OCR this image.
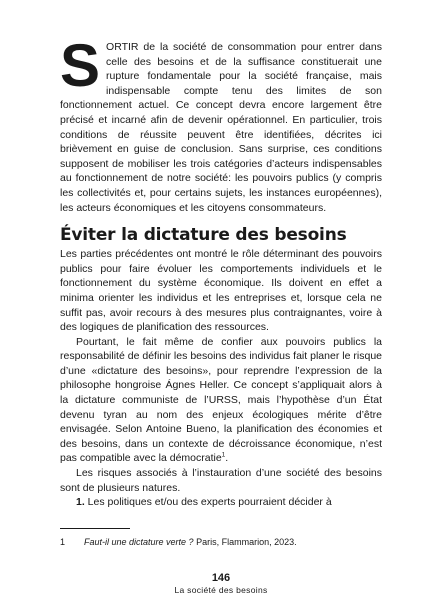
SORTIR de la société de consommation pour entrer dans celle des besoins et de la suffisance constituerait une rupture fondamentale pour la société française, mais indispensable compte tenu des limites de son fonctionnement actuel. Ce concept devra encore largement être précisé et incarné afin de devenir opérationnel. En particulier, trois conditions de réussite peuvent être identifiées, décrites ici brièvement en guise de conclusion. Sans surprise, ces conditions supposent de mobiliser les trois catégories d’acteurs indispensables au fonctionnement de notre société: les pouvoirs publics (y compris les collectivités et, pour certains sujets, les instances européennes), les acteurs économiques et les citoyens consommateurs.

Éviter la dictature des besoins

Les parties précédentes ont montré le rôle déterminant des pouvoirs publics pour faire évoluer les comportements individuels et le fonctionnement du système économique. Ils doivent en effet a minima orienter les individus et les entreprises et, lorsque cela ne suffit pas, avoir recours à des mesures plus contraignantes, voire à des logiques de planification des ressources.

Pourtant, le fait même de confier aux pouvoirs publics la responsabilité de définir les besoins des individus fait planer le risque d’une «dictature des besoins», pour reprendre l’expression de la philosophe hongroise Ágnes Heller. Ce concept s’appliquait alors à la dictature communiste de l’URSS, mais l’hypothèse d’un État devenu tyran au nom des enjeux écologiques mérite d’être envisagée. Selon Antoine Bueno, la planification des économies et des besoins, dans un contexte de décroissance économique, n’est pas compatible avec la démocratie$^1$.

Les risques associés à l’instauration d’une société des besoins sont de plusieurs natures.

1. Les politiques et/ou des experts pourraient décider à

1 Faut-il une dictature verte ? Paris, Flammarion, 2023.
146
La société des besoins
